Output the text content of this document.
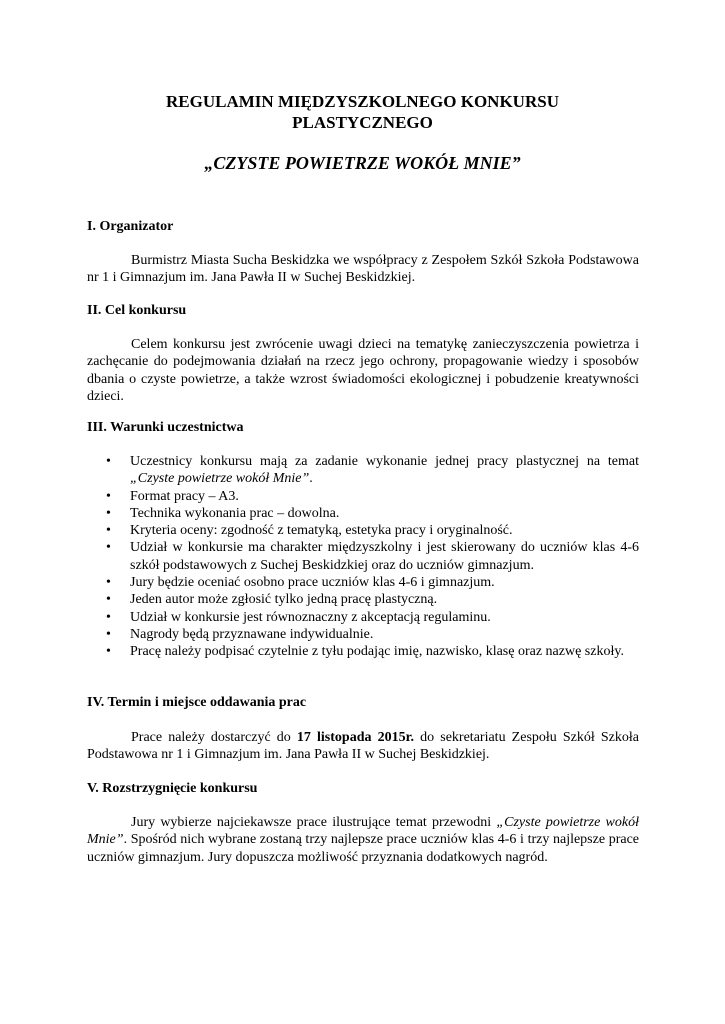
REGULAMIN MIĘDZYSZKOLNEGO KONKURSU
PLASTYCZNEGO
„CZYSTE POWIETRZE WOKÓŁ MNIE”
I. Organizator
Burmistrz Miasta Sucha Beskidzka we współpracy z Zespołem Szkół Szkoła Podstawowa nr 1 i Gimnazjum im. Jana Pawła II w Suchej Beskidzkiej.
II. Cel konkursu
Celem konkursu jest zwrócenie uwagi dzieci na tematykę zanieczyszczenia powietrza i zachęcanie do podejmowania działań na rzecz jego ochrony, propagowanie wiedzy i sposobów dbania o czyste powietrze, a także wzrost świadomości ekologicznej i pobudzenie kreatywności dzieci.
III. Warunki uczestnictwa
•	Uczestnicy konkursu mają za zadanie wykonanie jednej pracy plastycznej na temat „Czyste powietrze wokół Mnie”.
•	Format pracy – A3.
•	Technika wykonania prac – dowolna.
•	Kryteria oceny: zgodność z tematyką, estetyka pracy i oryginalność.
•	Udział w konkursie ma charakter międzyszkolny i jest skierowany do uczniów klas 4-6 szkół podstawowych z Suchej Beskidzkiej oraz do uczniów gimnazjum.
•	Jury będzie oceniać osobno prace uczniów klas 4-6 i gimnazjum.
•	Jeden autor może zgłosić tylko jedną pracę plastyczną.
•	Udział w konkursie jest równoznaczny z akceptacją regulaminu.
•	Nagrody będą przyznawane indywidualnie.
•	Pracę należy podpisać czytelnie z tyłu podając imię, nazwisko, klasę oraz nazwę szkoły.
IV. Termin i miejsce oddawania prac
Prace należy dostarczyć do 17 listopada 2015r. do sekretariatu Zespołu Szkół Szkoła Podstawowa nr 1 i Gimnazjum im. Jana Pawła II w Suchej Beskidzkiej.
V. Rozstrzygnięcie konkursu
Jury wybierze najciekawsze prace ilustrujące temat przewodni „Czyste powietrze wokół Mnie”. Spośród nich wybrane zostaną trzy najlepsze prace uczniów klas 4-6 i trzy najlepsze prace uczniów gimnazjum. Jury dopuszcza możliwość przyznania dodatkowych nagród.
